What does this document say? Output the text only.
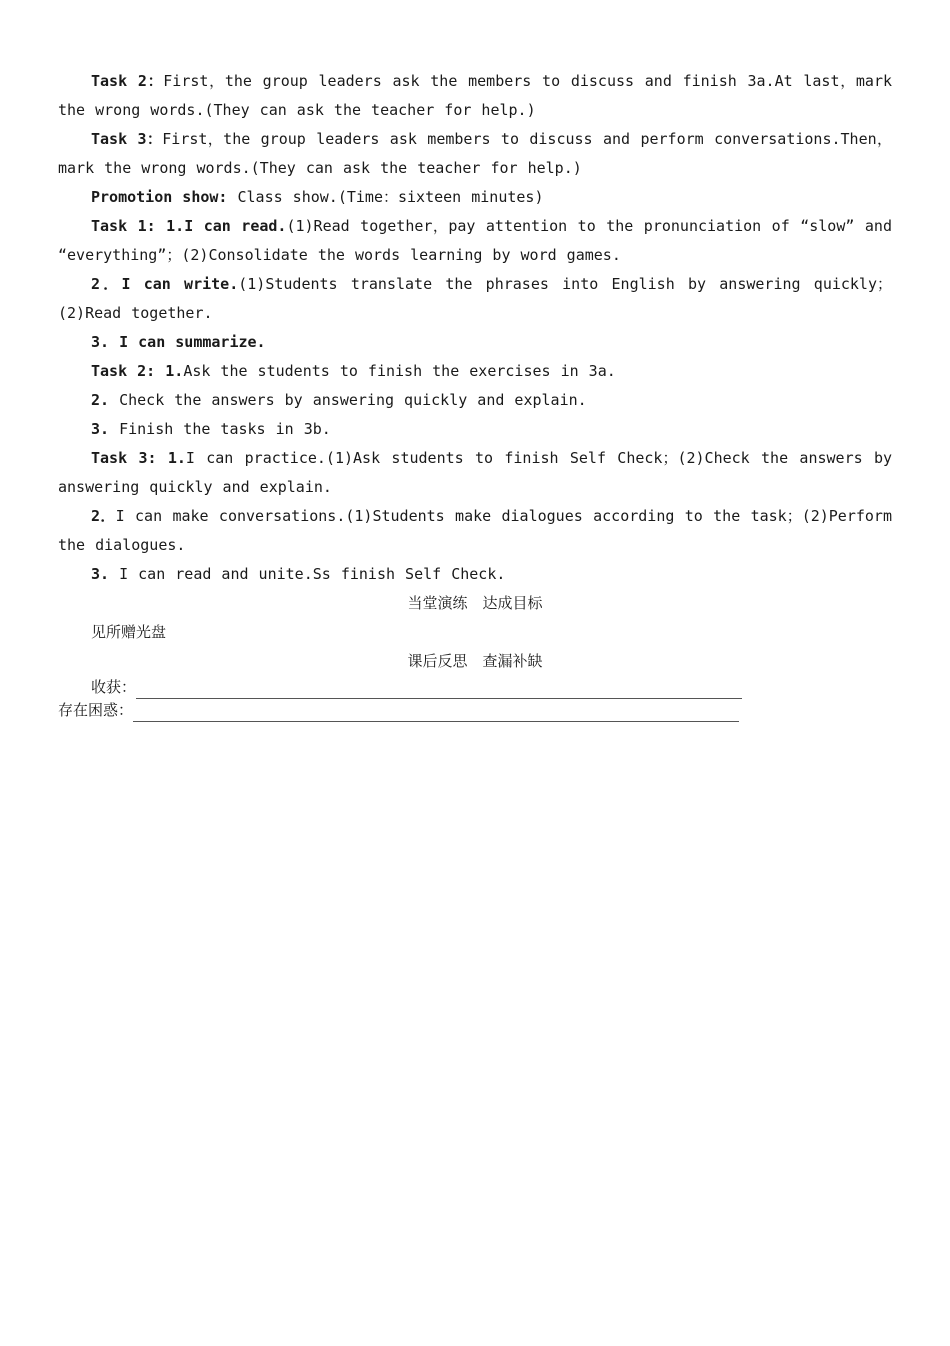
Task 2：First，the group leaders ask the members to discuss and finish 3a.At last，mark the wrong words.(They can ask the teacher for help.)

Task 3：First，the group leaders ask members to discuss and perform conversations.Then，mark the wrong words.(They can ask the teacher for help.)

Promotion show: Class show.(Time：sixteen minutes)

Task 1: 1.I can read.(1)Read together，pay attention to the pronunciation of “slow” and “everything”；(2)Consolidate the words learning by word games.

2．I can write.(1)Students translate the phrases into English by answering quickly；(2)Read together.

3. I can summarize.

Task 2: 1.Ask the students to finish the exercises in 3a.

2. Check the answers by answering quickly and explain.

3. Finish the tasks in 3b.

Task 3: 1.I can practice.(1)Ask students to finish Self Check；(2)Check the answers by answering quickly and explain.

2．I can make conversations.(1)Students make dialogues according to the task；(2)Perform the dialogues.

3. I can read and unite.Ss finish Self Check.

当堂演练　达成目标

见所赠光盘

课后反思　查漏补缺

收获：
存在困惑：
